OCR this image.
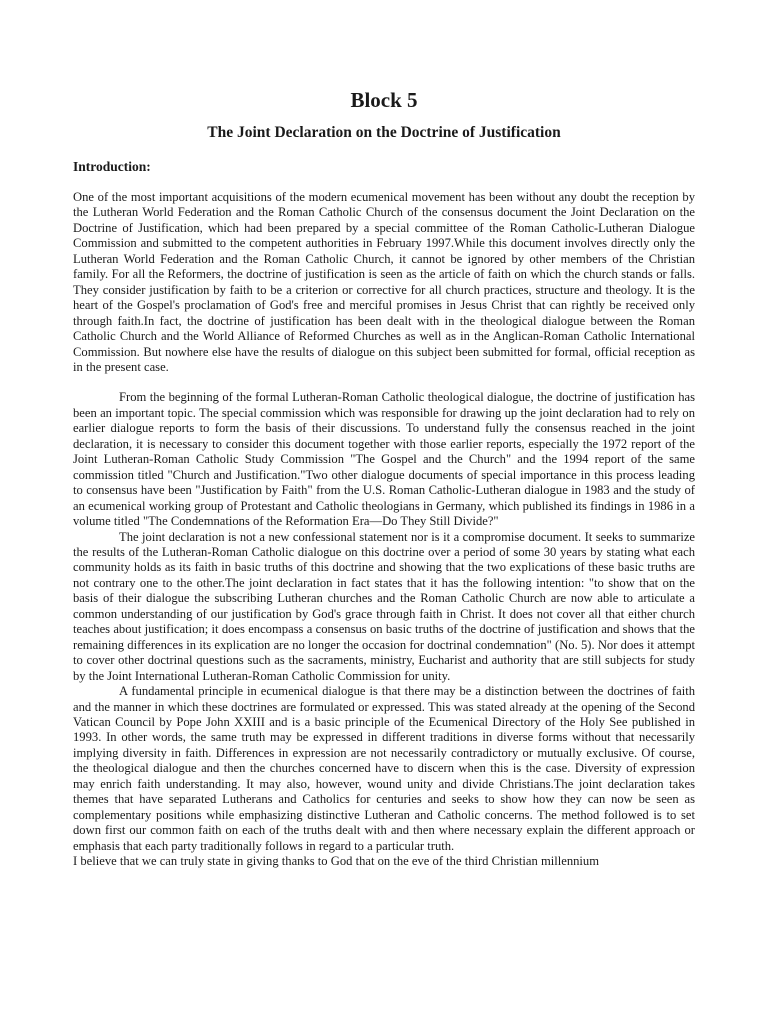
Block 5
The Joint Declaration on the Doctrine of Justification
Introduction:

One of the most important acquisitions of the modern ecumenical movement has been without any doubt the reception by the Lutheran World Federation and the Roman Catholic Church of the consensus document the Joint Declaration on the Doctrine of Justification, which had been prepared by a special committee of the Roman Catholic-Lutheran Dialogue Commission and submitted to the competent authorities in February 1997.While this document involves directly only the Lutheran World Federation and the Roman Catholic Church, it cannot be ignored by other members of the Christian family. For all the Reformers, the doctrine of justification is seen as the article of faith on which the church stands or falls. They consider justification by faith to be a criterion or corrective for all church practices, structure and theology. It is the heart of the Gospel's proclamation of God's free and merciful promises in Jesus Christ that can rightly be received only through faith.In fact, the doctrine of justification has been dealt with in the theological dialogue between the Roman Catholic Church and the World Alliance of Reformed Churches as well as in the Anglican-Roman Catholic International Commission. But nowhere else have the results of dialogue on this subject been submitted for formal, official reception as in the present case.

From the beginning of the formal Lutheran-Roman Catholic theological dialogue, the doctrine of justification has been an important topic. The special commission which was responsible for drawing up the joint declaration had to rely on earlier dialogue reports to form the basis of their discussions. To understand fully the consensus reached in the joint declaration, it is necessary to consider this document together with those earlier reports, especially the 1972 report of the Joint Lutheran-Roman Catholic Study Commission "The Gospel and the Church" and the 1994 report of the same commission titled "Church and Justification."Two other dialogue documents of special importance in this process leading to consensus have been "Justification by Faith" from the U.S. Roman Catholic-Lutheran dialogue in 1983 and the study of an ecumenical working group of Protestant and Catholic theologians in Germany, which published its findings in 1986 in a volume titled "The Condemnations of the Reformation Era—Do They Still Divide?"

The joint declaration is not a new confessional statement nor is it a compromise document. It seeks to summarize the results of the Lutheran-Roman Catholic dialogue on this doctrine over a period of some 30 years by stating what each community holds as its faith in basic truths of this doctrine and showing that the two explications of these basic truths are not contrary one to the other.The joint declaration in fact states that it has the following intention: "to show that on the basis of their dialogue the subscribing Lutheran churches and the Roman Catholic Church are now able to articulate a common understanding of our justification by God's grace through faith in Christ. It does not cover all that either church teaches about justification; it does encompass a consensus on basic truths of the doctrine of justification and shows that the remaining differences in its explication are no longer the occasion for doctrinal condemnation" (No. 5). Nor does it attempt to cover other doctrinal questions such as the sacraments, ministry, Eucharist and authority that are still subjects for study by the Joint International Lutheran-Roman Catholic Commission for unity.

A fundamental principle in ecumenical dialogue is that there may be a distinction between the doctrines of faith and the manner in which these doctrines are formulated or expressed. This was stated already at the opening of the Second Vatican Council by Pope John XXIII and is a basic principle of the Ecumenical Directory of the Holy See published in 1993. In other words, the same truth may be expressed in different traditions in diverse forms without that necessarily implying diversity in faith. Differences in expression are not necessarily contradictory or mutually exclusive. Of course, the theological dialogue and then the churches concerned have to discern when this is the case. Diversity of expression may enrich faith understanding. It may also, however, wound unity and divide Christians.The joint declaration takes themes that have separated Lutherans and Catholics for centuries and seeks to show how they can now be seen as complementary positions while emphasizing distinctive Lutheran and Catholic concerns. The method followed is to set down first our common faith on each of the truths dealt with and then where necessary explain the different approach or emphasis that each party traditionally follows in regard to a particular truth.

I believe that we can truly state in giving thanks to God that on the eve of the third Christian millennium
